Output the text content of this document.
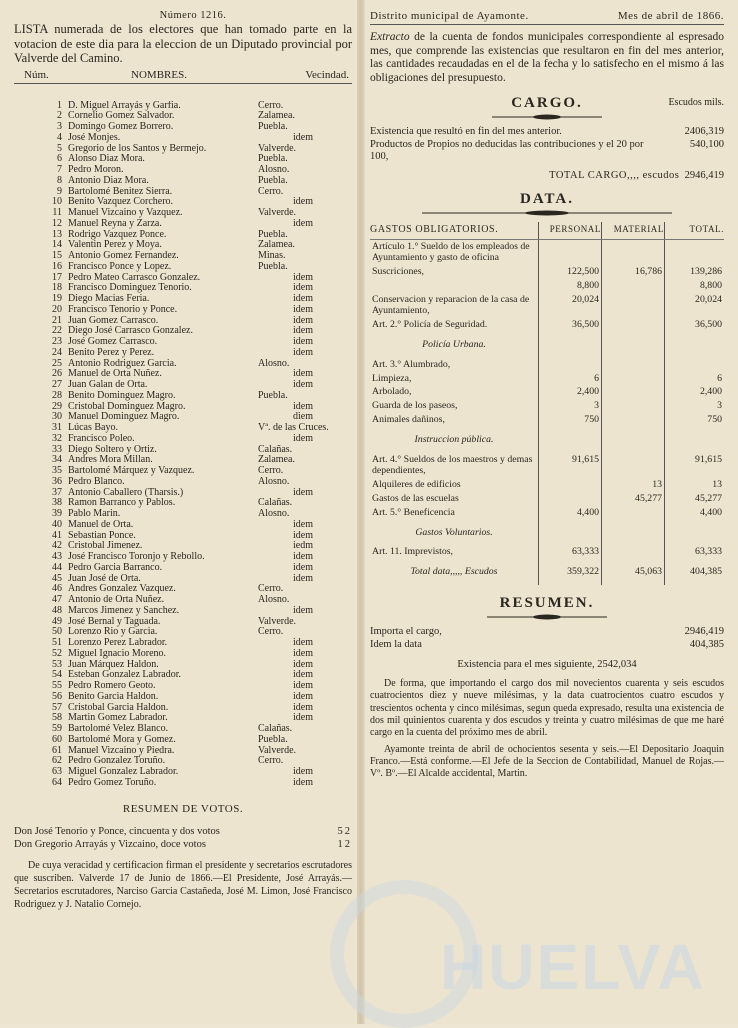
HUELVA
Número 1216.
LISTA numerada de los electores que han tomado parte en la votacion de este dia para la eleccion de un Diputado provincial por Valverde del Camino.
Núm.	NOMBRES.	Vecindad.
1 D. Miguel Arrayás y Garfia.	Cerro.
2 Cornelio Gomez Salvador.	Zalamea.
3 Domingo Gomez Borrero.	Puebla.
4 José Monjes.	idem
5 Gregorio de los Santos y Bermejo.	Valverde.
6 Alonso Diaz Mora.	Puebla.
7 Pedro Moron.	Alosno.
8 Antonio Diaz Mora.	Puebla.
9 Bartolomé Benitez Sierra.	Cerro.
10 Benito Vazquez Corchero.	idem
11 Manuel Vizcaino y Vazquez.	Valverde.
12 Manuel Reyna y Zarza.	idem
13 Rodrigo Vazquez Ponce.	Puebla.
14 Valentin Perez y Moya.	Zalamea.
15 Antonio Gomez Fernandez.	Minas.
16 Francisco Ponce y Lopez.	Puebla.
17 Pedro Mateo Carrasco Gonzalez.	idem
18 Francisco Dominguez Tenorio.	idem
19 Diego Macias Feria.	idem
20 Francisco Tenorio y Ponce.	idem
21 Juan Gomez Carrasco.	idem
22 Diego José Carrasco Gonzalez.	idem
23 José Gomez Carrasco.	idem
24 Benito Perez y Perez.	idem
25 Antonio Rodriguez Garcia.	Alosno.
26 Manuel de Orta Nuñez.	idem
27 Juan Galan de Orta.	idem
28 Benito Dominguez Magro.	Puebla.
29 Cristobal Dominguez Magro.	idem
30 Manuel Dominguez Magro.	diem
31 Lúcas Bayo.	Vª. de las Cruces.
32 Francisco Poleo.	idem
33 Diego Soltero y Ortiz.	Calañas.
34 Andres Mora Millan.	Zalamea.
35 Bartolomé Márquez y Vazquez.	Cerro.
36 Pedro Blanco.	Alosno.
37 Antonio Caballero (Tharsis.)	idem
38 Ramon Barranco y Pablos.	Calañas.
39 Pablo Marin.	Alosno.
40 Manuel de Orta.	idem
41 Sebastian Ponce.	idem
42 Cristobal Jimenez.	iedm
43 José Francisco Toronjo y Rebollo.	idem
44 Pedro Garcia Barranco.	idem
45 Juan José de Orta.	idem
46 Andres Gonzalez Vazquez.	Cerro.
47 Antonio de Orta Nuñez.	Alosno.
48 Marcos Jimenez y Sanchez.	idem
49 José Bernal y Taguada.	Valverde.
50 Lorenzo Rio y Garcia.	Cerro.
51 Lorenzo Perez Labrador.	idem
52 Miguel Ignacio Moreno.	idem
53 Juan Márquez Haldon.	idem
54 Esteban Gonzalez Labrador.	idem
55 Pedro Romero Geoto.	idem
56 Benito Garcia Haldon.	idem
57 Cristobal Garcia Haldon.	idem
58 Martin Gomez Labrador.	idem
59 Bartolomé Velez Blanco.	Calañas.
60 Bartolomé Mora y Gomez.	Puebla.
61 Manuel Vizcaino y Piedra.	Valverde.
62 Pedro Gonzalez Toruño.	Cerro.
63 Miguel Gonzalez Labrador.	idem
64 Pedro Gomez Toruño.	idem
RESUMEN DE VOTOS.
Don José Tenorio y Ponce, cincuenta y dos votos	52
Don Gregorio Arrayás y Vizcaino, doce votos	12
De cuya veracidad y certificacion firman el presidente y secretarios escrutadores que suscriben. Valverde 17 de Junio de 1866.—El Presidente, José Arrayás.—Secretarios escrutadores, Narciso Garcia Castañeda, José M. Limon, José Francisco Rodriguez y J. Natalio Cornejo.
Distrito municipal de Ayamonte.	Mes de abril de 1866.
Extracto de la cuenta de fondos municipales correspondiente al espresado mes, que comprende las existencias que resultaron en fin del mes anterior, las cantidades recaudadas en el de la fecha y lo satisfecho en el mismo á las obligaciones del presupuesto.
CARGO.	Escudos mils.
Existencia que resultó en fin del mes anterior.	2406,319
Productos de Propios no deducidas las contribuciones y el 20 por 100,
540,100
TOTAL CARGO,,,, escudos 2946,419
DATA.
GASTOS OBLIGATORIOS.	PERSONAL	MATERIAL	TOTAL.
Artículo 1.° Sueldo de los empleados de Ayuntamiento y gasto de oficina			
Suscriciones,	122,500	16,786	139,286
	8,800		8,800
Conservacion y reparacion de la casa de Ayuntamiento,	20,024		20,024
Art. 2.° Policía de Seguridad.	36,500		36,500
Policía Urbana.			
Art. 3.° Alumbrado,			
Limpieza,	6		6
Arbolado,	2,400		2,400
Guarda de los paseos,	3		3
Animales dañinos,	750		750
Instruccion pública.			
Art. 4.° Sueldos de los maestros y demas dependientes,	91,615		91,615
Alquileres de edificios		13	13
Gastos de las escuelas		45,277	45,277
Art. 5.° Beneficencia	4,400		4,400
Gastos Voluntarios.			
Art. 11. Imprevistos,	63,333		63,333
Total data,,,,, Escudos	359,322	45,063	404,385
RESUMEN.
Importa el cargo,	2946,419
Idem la data	404,385
Existencia para el mes siguiente, 2542,034
De forma, que importando el cargo dos mil novecientos cuarenta y seis escudos cuatrocientos diez y nueve milésimas, y la data cuatrocientos cuatro escudos y trescientos ochenta y cinco milésimas, segun queda expresado, resulta una existencia de dos mil quinientos cuarenta y dos escudos y treinta y cuatro milésimas de que me haré cargo en la cuenta del próximo mes de abril.
Ayamonte treinta de abril de ochocientos sesenta y seis.—El Depositario Joaquin Franco.—Está conforme.—El Jefe de la Seccion de Contabilidad, Manuel de Rojas.—Vº. Bº.—El Alcalde accidental, Martin.
